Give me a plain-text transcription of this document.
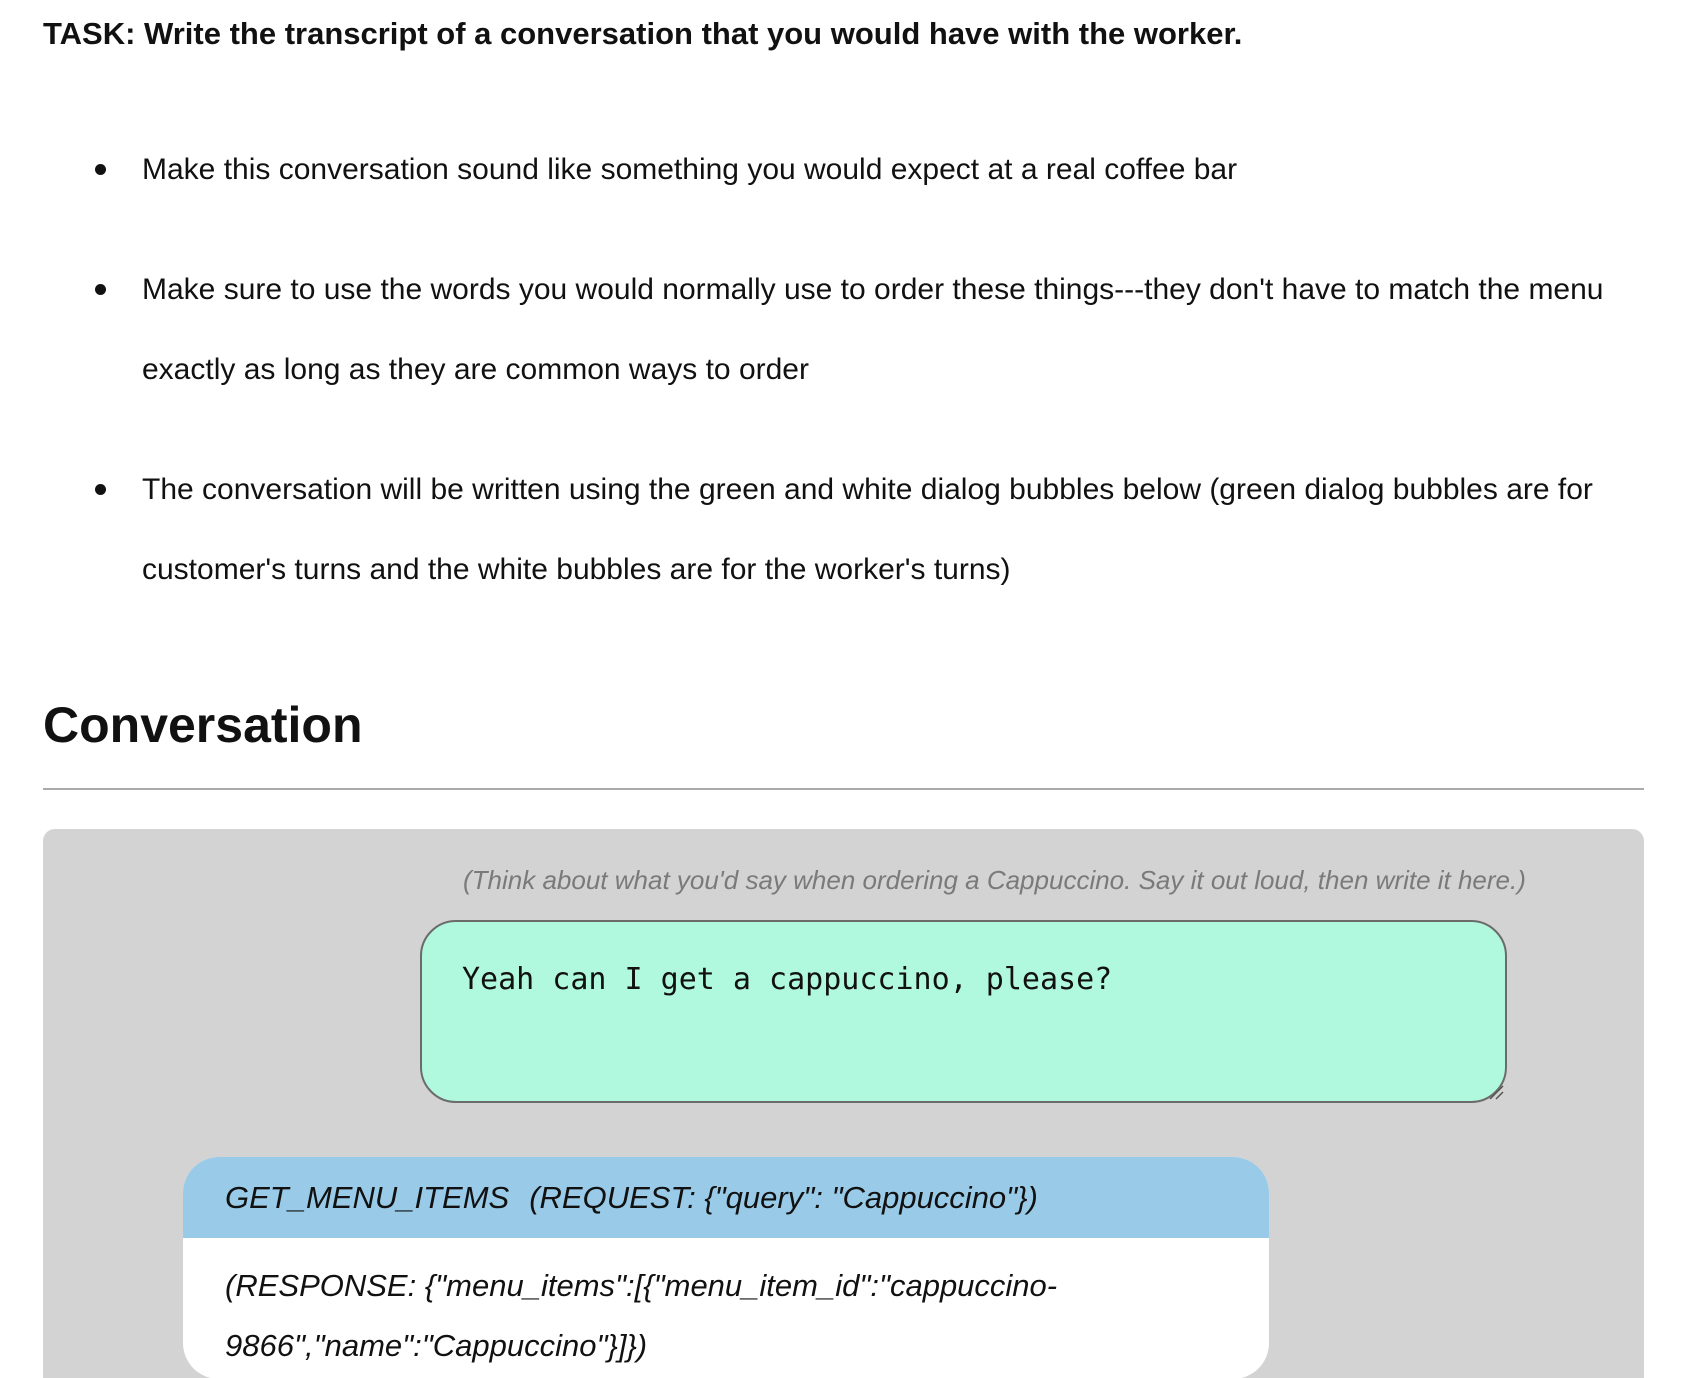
TASK: Write the transcript of a conversation that you would have with the worker.
Make this conversation sound like something you would expect at a real coffee bar
Make sure to use the words you would normally use to order these things---they don't have to match the menu exactly as long as they are common ways to order
The conversation will be written using the green and white dialog bubbles below (green dialog bubbles are for customer's turns and the white bubbles are for the worker's turns)
Conversation

(Think about what you'd say when ordering a Cappuccino. Say it out loud, then write it here.)

Yeah can I get a cappuccino, please?
GET_MENU_ITEMS (REQUEST: {"query": "Cappuccino"})
(RESPONSE: {"menu_items":[{"menu_item_id":"cappuccino-9866","name":"Cappuccino"}]})
